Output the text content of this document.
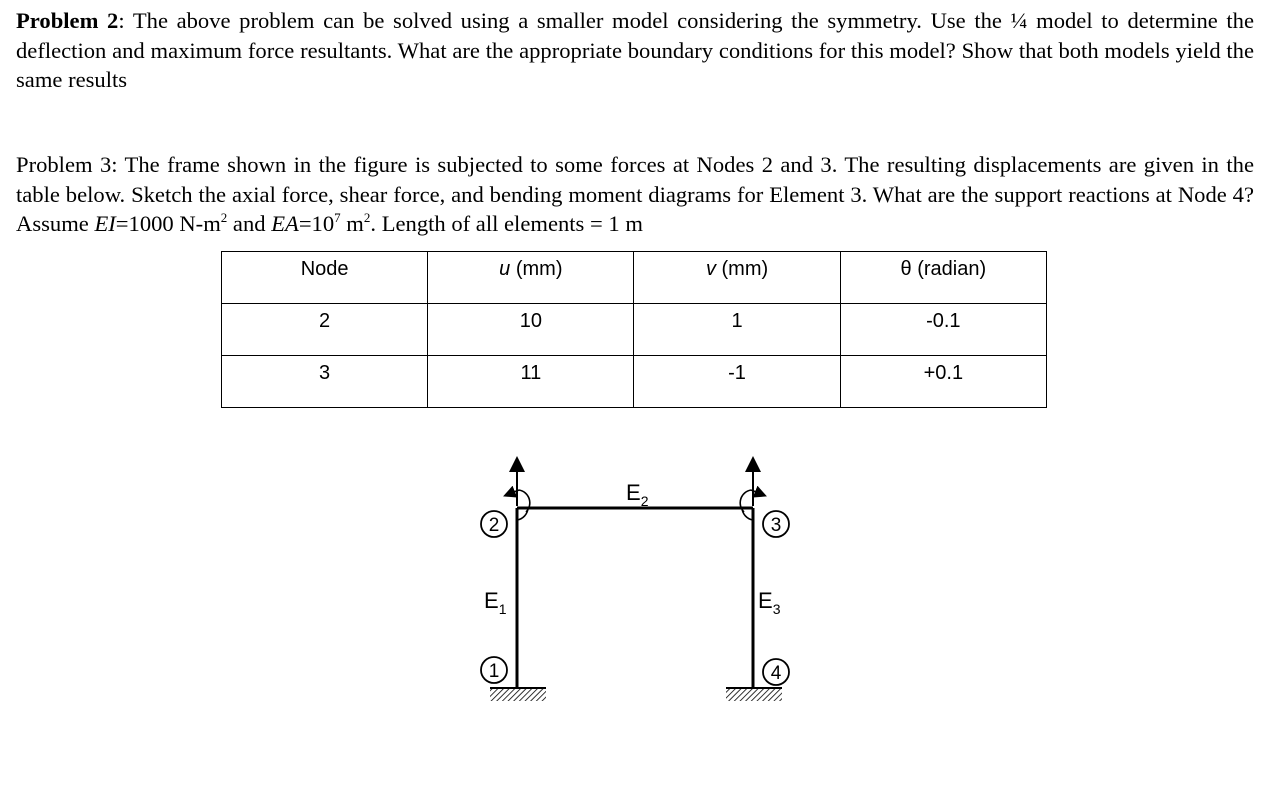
Problem 2: The above problem can be solved using a smaller model considering the symmetry. Use the ¼ model to determine the deflection and maximum force resultants. What are the appropriate boundary conditions for this model? Show that both models yield the same results
Problem 3: The frame shown in the figure is subjected to some forces at Nodes 2 and 3. The resulting displacements are given in the table below. Sketch the axial force, shear force, and bending moment diagrams for Element 3. What are the support reactions at Node 4? Assume EI=1000 $N-m^2$ and $EA=10^7$ $m^2$. Length of all elements = 1 m
Node	u (mm)	v (mm)	θ (radian)

2	10	1	-0.1

3	11	-1	+0.1
1
2	3
4
$E_1$
$E_2$
$E_3$
